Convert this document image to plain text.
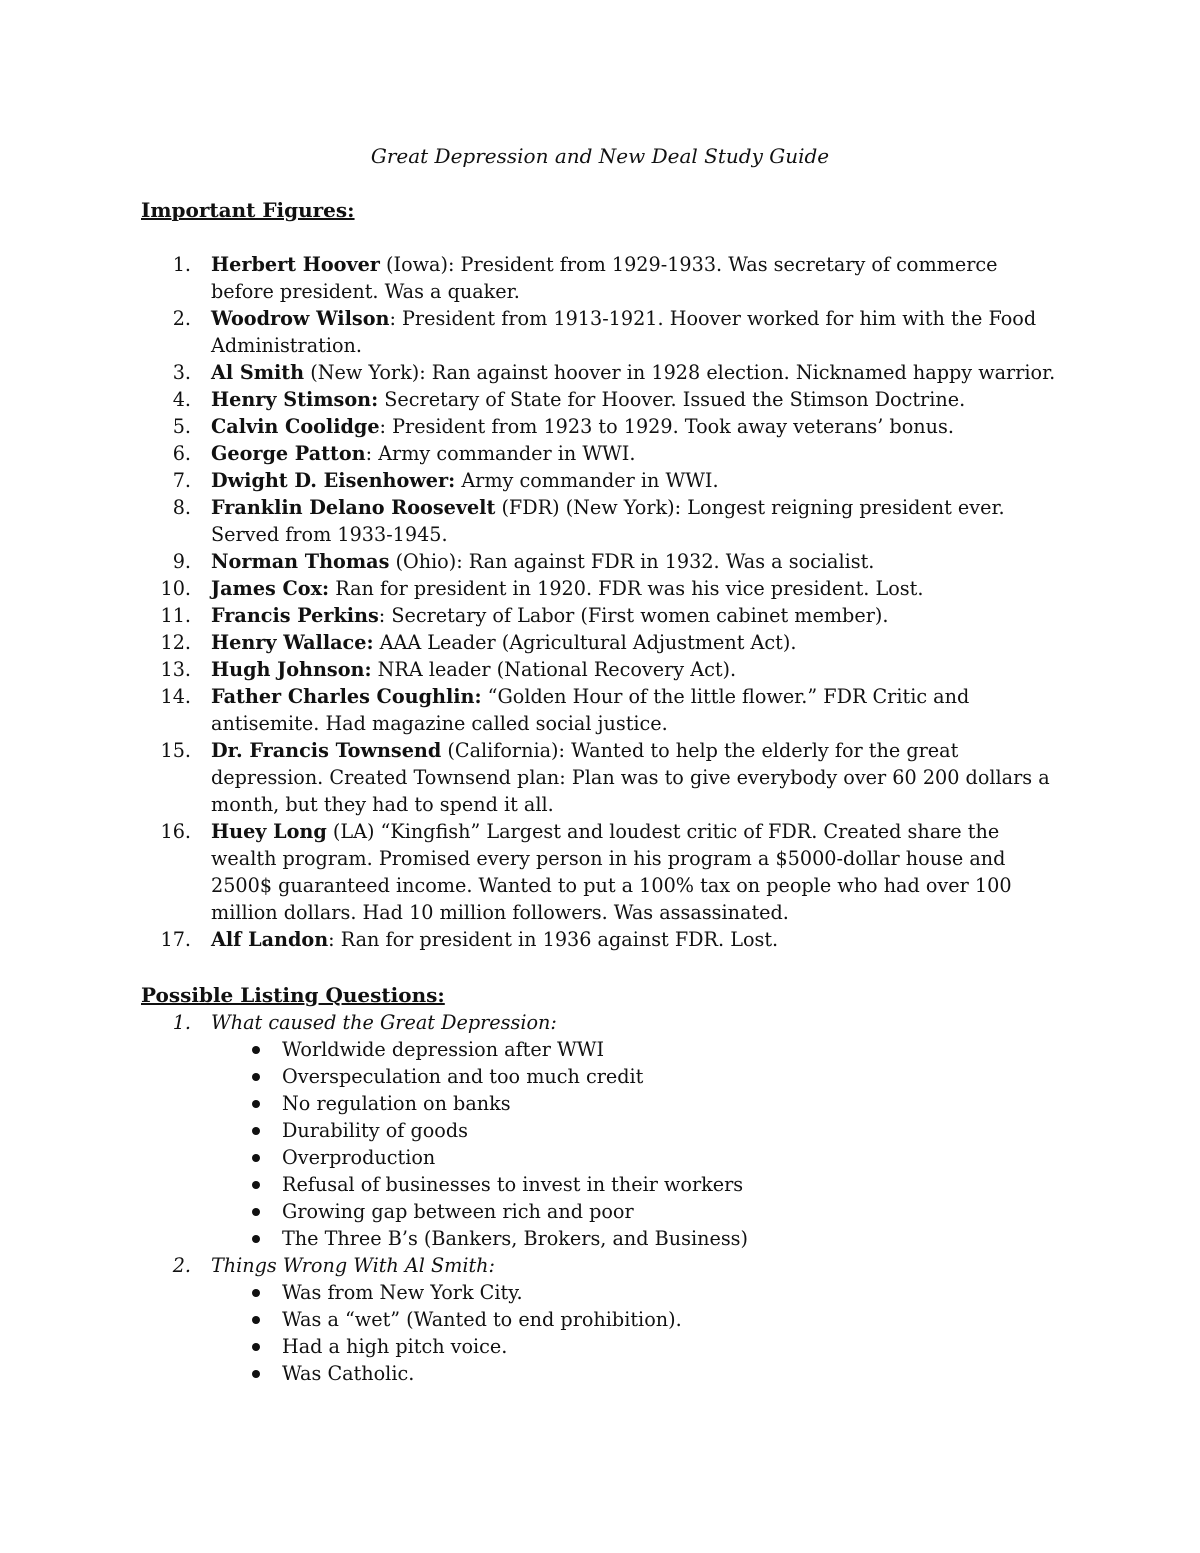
Great Depression and New Deal Study Guide
Important Figures:
1.	Herbert Hoover (Iowa): President from 1929-1933. Was secretary of commerce before president. Was a quaker.
2.	Woodrow Wilson: President from 1913-1921. Hoover worked for him with the Food Administration.
3.	Al Smith (New York): Ran against hoover in 1928 election. Nicknamed happy warrior.
4.	Henry Stimson: Secretary of State for Hoover. Issued the Stimson Doctrine.
5.	Calvin Coolidge: President from 1923 to 1929. Took away veterans’ bonus.
6.	George Patton: Army commander in WWI.
7.	Dwight D. Eisenhower: Army commander in WWI.
8.	Franklin Delano Roosevelt (FDR) (New York): Longest reigning president ever. Served from 1933-1945.
9.	Norman Thomas (Ohio): Ran against FDR in 1932. Was a socialist.
10.	James Cox: Ran for president in 1920. FDR was his vice president. Lost.
11.	Francis Perkins: Secretary of Labor (First women cabinet member).
12.	Henry Wallace: AAA Leader (Agricultural Adjustment Act).
13.	Hugh Johnson: NRA leader (National Recovery Act).
14.	Father Charles Coughlin: “Golden Hour of the little flower.” FDR Critic and antisemite. Had magazine called social justice.
15.	Dr. Francis Townsend (California): Wanted to help the elderly for the great depression. Created Townsend plan: Plan was to give everybody over 60 200 dollars a month, but they had to spend it all.
16.	Huey Long (LA) “Kingfish” Largest and loudest critic of FDR. Created share the wealth program. Promised every person in his program a $5000-dollar house and 2500$ guaranteed income. Wanted to put a 100% tax on people who had over 100 million dollars. Had 10 million followers. Was assassinated.
17.	Alf Landon: Ran for president in 1936 against FDR. Lost.
Possible Listing Questions:
1.	What caused the Great Depression:
Worldwide depression after WWI
Overspeculation and too much credit
No regulation on banks
Durability of goods
Overproduction
Refusal of businesses to invest in their workers
Growing gap between rich and poor
The Three B’s (Bankers, Brokers, and Business)
2.	Things Wrong With Al Smith:
Was from New York City.
Was a “wet” (Wanted to end prohibition).
Had a high pitch voice.
Was Catholic.
